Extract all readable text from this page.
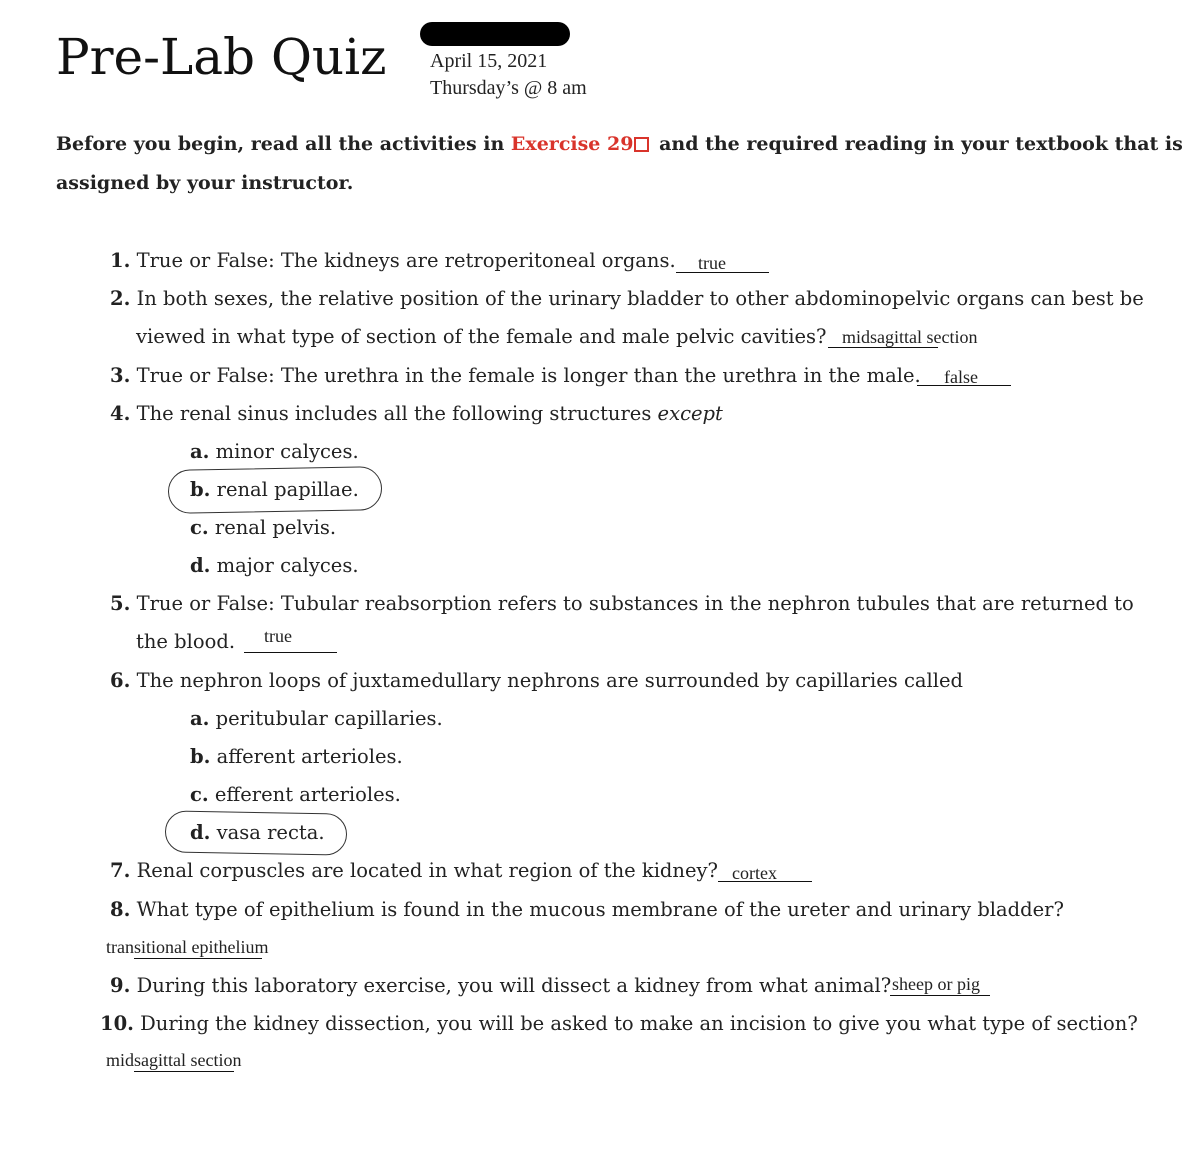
Pre-Lab Quiz April 15, 2021
Thursday’s @ 8 am
Before you begin, read all the activities in Exercise 29 and the required reading in your textbook that is
assigned by your instructor.
1. True or False: The kidneys are retroperitoneal organs. true
2. In both sexes, the relative position of the urinary bladder to other abdominopelvic organs can best be
viewed in what type of section of the female and male pelvic cavities? midsagittal section
3. True or False: The urethra in the female is longer than the urethra in the male. false
4. The renal sinus includes all the following structures except
a. minor calyces.
b. renal papillae.
c. renal pelvis.
d. major calyces.
5. True or False: Tubular reabsorption refers to substances in the nephron tubules that are returned to
the blood. true
6. The nephron loops of juxtamedullary nephrons are surrounded by capillaries called
a. peritubular capillaries.
b. afferent arterioles.
c. efferent arterioles.
d. vasa recta.
7. Renal corpuscles are located in what region of the kidney? cortex
8. What type of epithelium is found in the mucous membrane of the ureter and urinary bladder?
transitional epithelium
9. During this laboratory exercise, you will dissect a kidney from what animal? sheep or pig
10. During the kidney dissection, you will be asked to make an incision to give you what type of section?
midsagittal section
